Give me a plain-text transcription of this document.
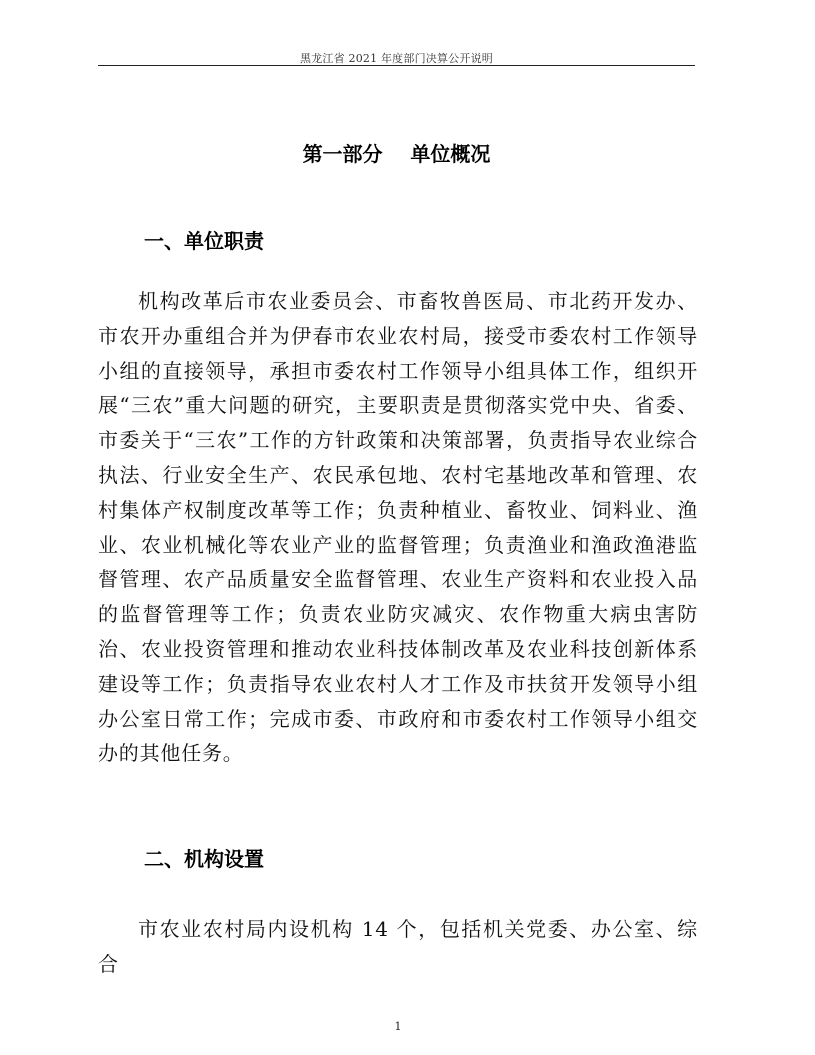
黑龙江省 2021 年度部门决算公开说明
第一部分    单位概况
一、单位职责

机构改革后市农业委员会、市畜牧兽医局、市北药开发办、市农开办重组合并为伊春市农业农村局，接受市委农村工作领导小组的直接领导，承担市委农村工作领导小组具体工作，组织开展“三农”重大问题的研究，主要职责是贯彻落实党中央、省委、市委关于“三农”工作的方针政策和决策部署，负责指导农业综合执法、行业安全生产、农民承包地、农村宅基地改革和管理、农村集体产权制度改革等工作；负责种植业、畜牧业、饲料业、渔业、农业机械化等农业产业的监督管理；负责渔业和渔政渔港监督管理、农产品质量安全监督管理、农业生产资料和农业投入品的监督管理等工作；负责农业防灾减灾、农作物重大病虫害防治、农业投资管理和推动农业科技体制改革及农业科技创新体系建设等工作；负责指导农业农村人才工作及市扶贫开发领导小组办公室日常工作；完成市委、市政府和市委农村工作领导小组交办的其他任务。

二、机构设置

市农业农村局内设机构 14 个，包括机关党委、办公室、综合

1
